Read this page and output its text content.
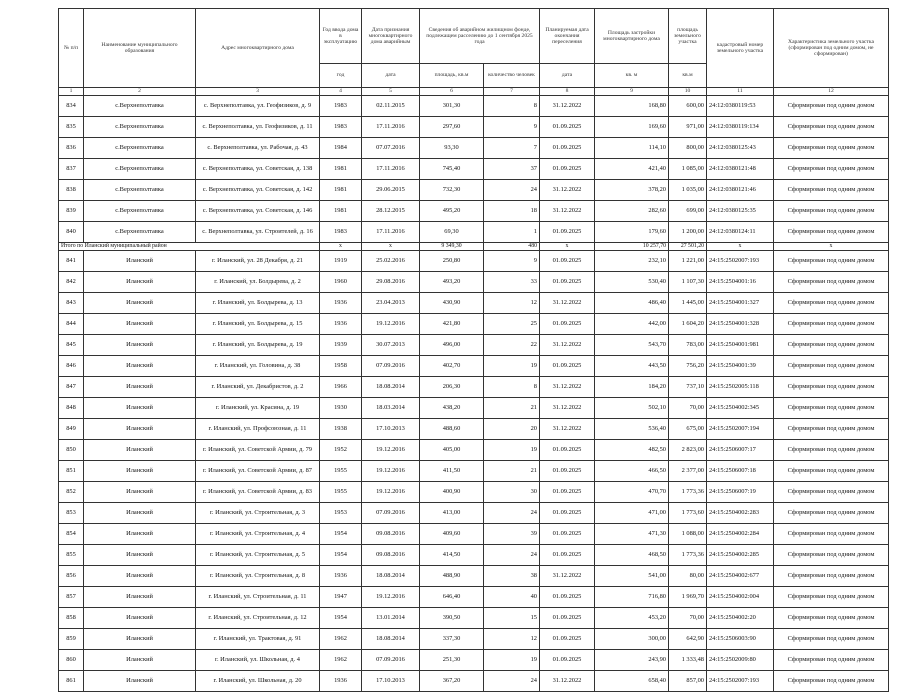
№ п/п	Наименование муниципального образования	Адрес многоквартирного дома	Год ввода дома в эксплуатацию	Дата признания многоквартирного дома аварийным	Сведения об аварийном жилищном фонде, подлежащем расселению до 1 сентября 2025 года		Планируемая дата окончания переселения	Площадь застройки многоквартирного дома	площадь земельного участка	кадастровый номер земельного участка	Характеристика земельного участка (сформирован под одним домом, не сформирован)
			год	дата	площадь, кв.м	количество человек	дата	кв. м	кв.м		
1	2	3	4	5	6	7	8	9	10	11	12
834	с.Верхнеполтавка	с. Верхнеполтавка, ул. Геофизиков, д. 9	1983	02.11.2015	301,30	8	31.12.2022	168,80	600,00	24:12:0380119:53	Сформирован под одним домом
835	с.Верхнеполтавка	с. Верхнеполтавка, ул. Геофизиков, д. 11	1983	17.11.2016	297,60	9	01.09.2025	169,60	971,00	24:12:0380119:134	Сформирован под одним домом
836	с.Верхнеполтавка	с. Верхнеполтавка, ул. Рабочая, д. 43	1984	07.07.2016	93,30	7	01.09.2025	114,10	800,00	24:12:0380125:43	Сформирован под одним домом
837	с.Верхнеполтавка	с. Верхнеполтавка, ул. Советская, д. 138	1981	17.11.2016	745,40	37	01.09.2025	421,40	1 085,00	24:12:0380121:48	Сформирован под одним домом
838	с.Верхнеполтавка	с. Верхнеполтавка, ул. Советская, д. 142	1981	29.06.2015	732,30	24	31.12.2022	378,20	1 035,00	24:12:0380121:46	Сформирован под одним домом
839	с.Верхнеполтавка	с. Верхнеполтавка, ул. Советская, д. 146	1981	28.12.2015	495,20	18	31.12.2022	282,60	699,00	24:12:0380125:35	Сформирован под одним домом
840	с.Верхнеполтавка	с. Верхнеполтавка, ул. Строителей, д. 16	1983	17.11.2016	69,30	1	01.09.2025	179,60	1 200,00	24:12:0380124:11	Сформирован под одним домом
Итого по Иланский муниципальный район			х	х	9 349,30	480	х	10 257,70	27 501,20	х	х
841	Иланский	г. Иланский, ул. 28 Декабря, д. 21	1919	25.02.2016	250,80	9	01.09.2025	232,10	1 221,00	24:15:2502007:193	Сформирован под одним домом
842	Иланский	г. Иланский, ул. Болдырева, д. 2	1960	29.08.2016	493,20	33	01.09.2025	530,40	1 107,30	24:15:2504001:16	Сформирован под одним домом
843	Иланский	г. Иланский, ул. Болдырева, д. 13	1936	23.04.2013	430,90	12	31.12.2022	486,40	1 445,00	24:15:2504001:327	Сформирован под одним домом
844	Иланский	г. Иланский, ул. Болдырева, д. 15	1936	19.12.2016	421,80	25	01.09.2025	442,00	1 604,20	24:15:2504001:328	Сформирован под одним домом
845	Иланский	г. Иланский, ул. Болдырева, д. 19	1939	30.07.2013	496,00	22	31.12.2022	543,70	783,00	24:15:2504001:981	Сформирован под одним домом
846	Иланский	г. Иланский, ул. Головина, д. 38	1958	07.09.2016	402,70	19	01.09.2025	443,50	756,20	24:15:2504001:39	Сформирован под одним домом
847	Иланский	г. Иланский, ул. Декабристов, д. 2	1966	18.08.2014	206,30	8	31.12.2022	184,20	737,10	24:15:2502005:118	Сформирован под одним домом
848	Иланский	г. Иланский, ул. Красина, д. 19	1930	18.03.2014	438,20	21	31.12.2022	502,10	70,00	24:15:2504002:345	Сформирован под одним домом
849	Иланский	г. Иланский, ул. Профсоюзная, д. 11	1938	17.10.2013	488,60	20	31.12.2022	536,40	675,00	24:15:2502007:194	Сформирован под одним домом
850	Иланский	г. Иланский, ул. Советской Армии, д. 79	1952	19.12.2016	405,00	19	01.09.2025	482,50	2 823,00	24:15:2506007:17	Сформирован под одним домом
851	Иланский	г. Иланский, ул. Советской Армии, д. 87	1955	19.12.2016	411,50	21	01.09.2025	466,50	2 377,00	24:15:2506007:18	Сформирован под одним домом
852	Иланский	г. Иланский, ул. Советской Армии, д. 83	1955	19.12.2016	400,90	30	01.09.2025	470,70	1 773,36	24:15:2506007:19	Сформирован под одним домом
853	Иланский	г. Иланский, ул. Строительная, д. 3	1953	07.09.2016	413,00	24	01.09.2025	471,00	1 773,60	24:15:2504002:283	Сформирован под одним домом
854	Иланский	г. Иланский, ул. Строительная, д. 4	1954	09.08.2016	409,60	39	01.09.2025	471,30	1 088,00	24:15:2504002:284	Сформирован под одним домом
855	Иланский	г. Иланский, ул. Строительная, д. 5	1954	09.08.2016	414,50	24	01.09.2025	468,50	1 773,36	24:15:2504002:285	Сформирован под одним домом
856	Иланский	г. Иланский, ул. Строительная, д. 8	1936	18.08.2014	488,90	38	31.12.2022	541,00	80,00	24:15:2504002:677	Сформирован под одним домом
857	Иланский	г. Иланский, ул. Строительная, д. 11	1947	19.12.2016	646,40	40	01.09.2025	716,80	1 969,70	24:15:2504002:004	Сформирован под одним домом
858	Иланский	г. Иланский, ул. Строительная, д. 12	1954	13.01.2014	390,50	15	01.09.2025	453,20	70,00	24:15:2504002:20	Сформирован под одним домом
859	Иланский	г. Иланский, ул. Трактовая, д. 91	1962	18.08.2014	337,30	12	01.09.2025	300,00	642,90	24:15:2506003:90	Сформирован под одним домом
860	Иланский	г. Иланский, ул. Школьная, д. 4	1962	07.09.2016	251,30	19	01.09.2025	243,90	1 333,48	24:15:2502009:80	Сформирован под одним домом
861	Иланский	г. Иланский, ул. Школьная, д. 20	1936	17.10.2013	367,20	24	31.12.2022	658,40	857,00	24:15:2502007:193	Сформирован под одним домом
